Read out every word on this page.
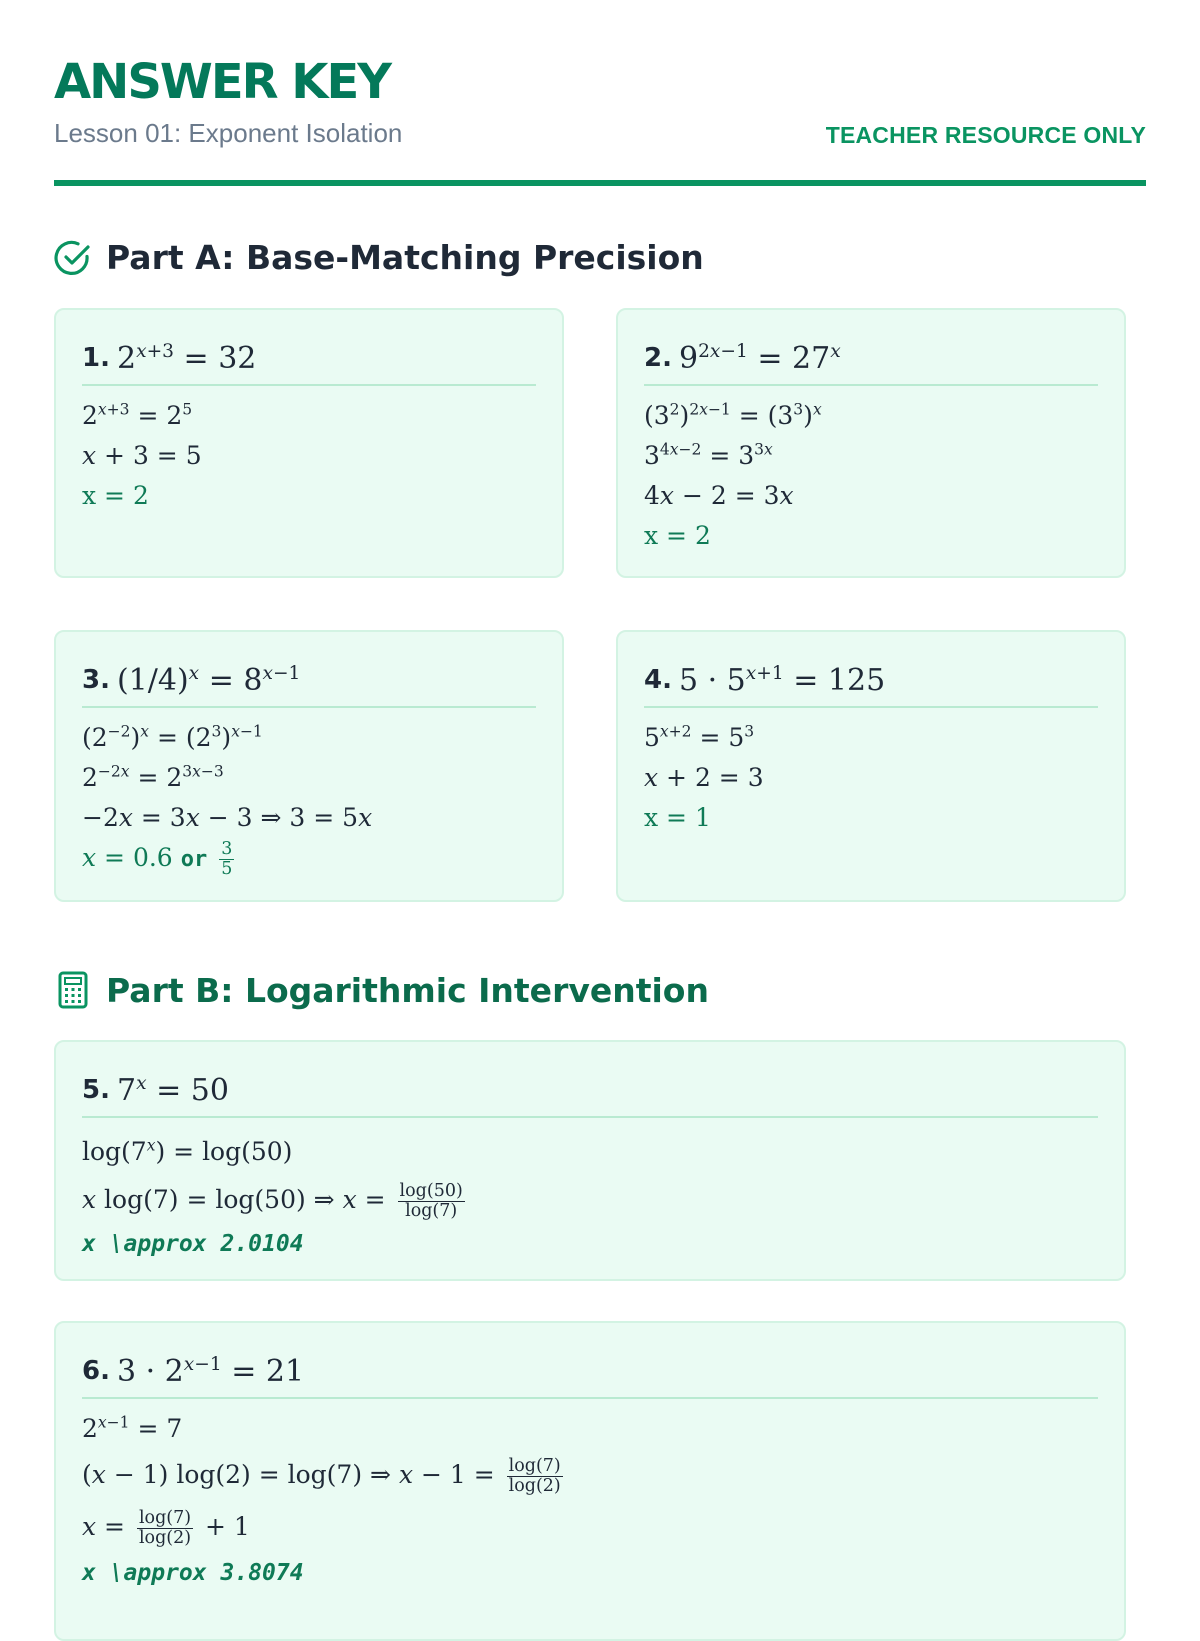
ANSWER KEY
Lesson 01: Exponent Isolation	TEACHER RESOURCE ONLY
Part A: Base-Matching Precision
1. $2^{x+3} = 32$
$2^{x+3} = 2^5$
x + 3 = 5
x = 2
2. $9^{2x-1} = 27^x$
$(3^2)^{2x-1} = (3^3)^x$
$3^{4x-2} = 3^{3x}$
4x − 2 = 3x
x = 2
3. $(1/4)^x = 8^{x-1}$
$(2^{-2})^x = (2^3)^{x-1}$
$2^{-2x} = 2^{3x-3}$
−2x = 3x − 3 ⇒ 3 = 5x
x = 0.6 or $\frac{3}{5}$
4. $5 \cdot 5^{x+1} = 125$
$5^{x+2} = 5^3$
x + 2 = 3
x = 1
Part B: Logarithmic Intervention
5. $7^x = 50$
$\log(7^x) = \log(50)$
x log(7) = log(50) ⇒ $x = \frac{\log(50)}{\log(7)}$
x \approx 2.0104
6. $3 \cdot 2^{x-1} = 21$
$2^{x-1} = 7$
(x − 1) log(2) = log(7) ⇒ $x - 1 = \frac{\log(7)}{\log(2)}$
$x = \frac{\log(7)}{\log(2)} + 1$
x \approx 3.8074
